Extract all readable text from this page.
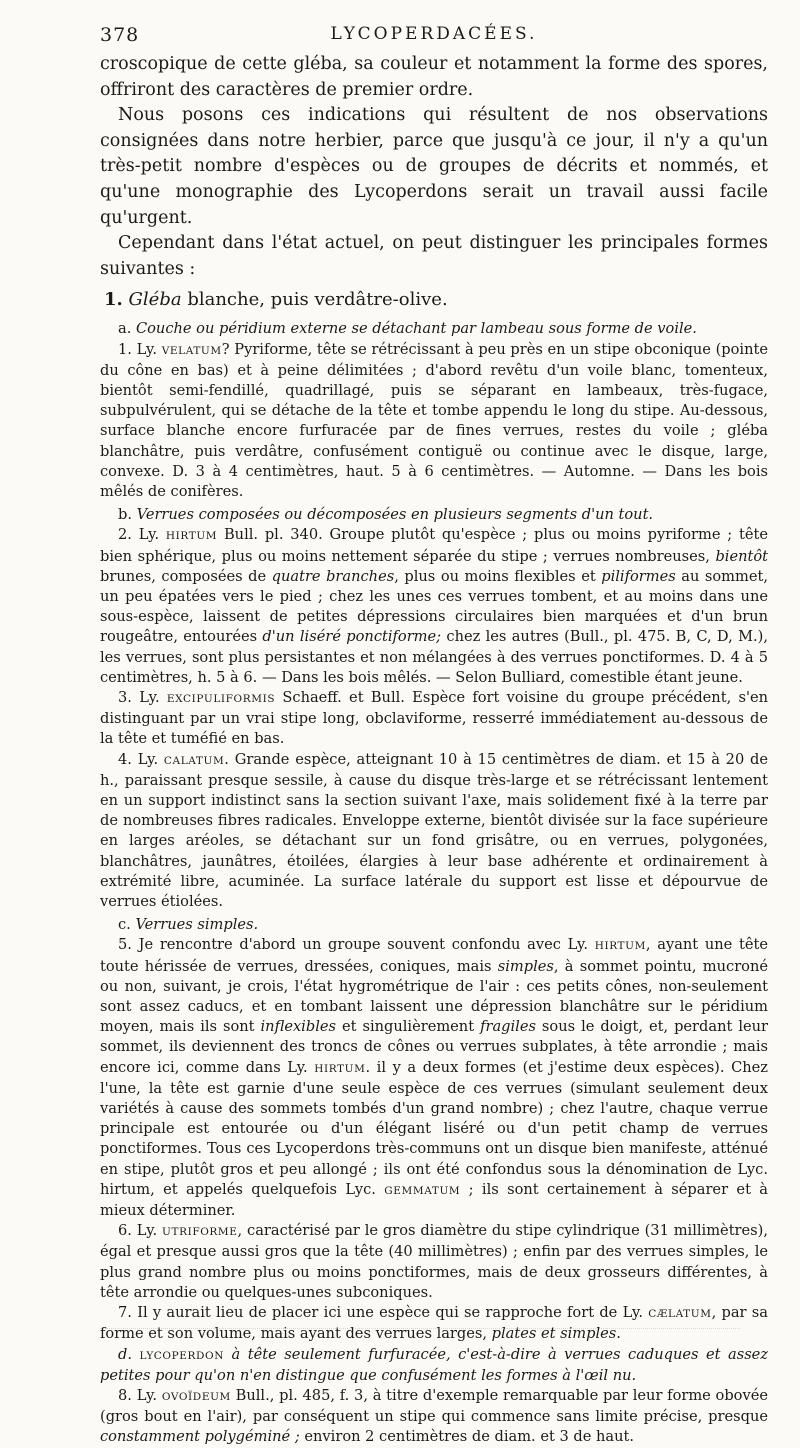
378	LYCOPERDACÉES.

croscopique de cette gléba, sa couleur et notamment la forme des spores, offriront des caractères de premier ordre.

Nous posons ces indications qui résultent de nos observations consignées dans notre herbier, parce que jusqu'à ce jour, il n'y a qu'un très-petit nombre d'espèces ou de groupes de décrits et nommés, et qu'une monographie des Lycoperdons serait un travail aussi facile qu'urgent.

Cependant dans l'état actuel, on peut distinguer les principales formes suivantes :

1. Gléba blanche, puis verdâtre-olive.

a. Couche ou péridium externe se détachant par lambeau sous forme de voile.

1. Ly. VELATUM? Pyriforme, tête se rétrécissant à peu près en un stipe obconique (pointe du cône en bas) et à peine délimitées ; d'abord revêtu d'un voile blanc, tomenteux, bientôt semi-fendillé, quadrillagé, puis se séparant en lambeaux, très-fugace, subpulvérulent, qui se détache de la tête et tombe appendu le long du stipe. Au-dessous, surface blanche encore furfuracée par de fines verrues, restes du voile ; gléba blanchâtre, puis verdâtre, confusément contiguë ou continue avec le disque, large, convexe. D. 3 à 4 centimètres, haut. 5 à 6 centimètres. — Automne. — Dans les bois mêlés de conifères.

b. Verrues composées ou décomposées en plusieurs segments d'un tout.

2. Ly. HIRTUM Bull. pl. 340. Groupe plutôt qu'espèce ; plus ou moins pyriforme ; tête bien sphérique, plus ou moins nettement séparée du stipe ; verrues nombreuses, bientôt brunes, composées de quatre branches, plus ou moins flexibles et piliformes au sommet, un peu épatées vers le pied ; chez les unes ces verrues tombent, et au moins dans une sous-espèce, laissent de petites dépressions circulaires bien marquées et d'un brun rougeâtre, entourées d'un liséré ponctiforme; chez les autres (Bull., pl. 475. B, C, D, M.), les verrues, sont plus persistantes et non mélangées à des verrues ponctiformes. D. 4 à 5 centimètres, h. 5 à 6. — Dans les bois mêlés. — Selon Bulliard, comestible étant jeune.

3. Ly. EXCIPULIFORMIS Schaeff. et Bull. Espèce fort voisine du groupe précédent, s'en distinguant par un vrai stipe long, obclaviforme, resserré immédiatement au-dessous de la tête et tuméfié en bas.

4. Ly. CALATUM. Grande espèce, atteignant 10 à 15 centimètres de diam. et 15 à 20 de h., paraissant presque sessile, à cause du disque très-large et se rétrécissant lentement en un support indistinct sans la section suivant l'axe, mais solidement fixé à la terre par de nombreuses fibres radicales. Enveloppe externe, bientôt divisée sur la face supérieure en larges aréoles, se détachant sur un fond grisâtre, ou en verrues, polygonées, blanchâtres, jaunâtres, étoilées, élargies à leur base adhérente et ordinairement à extrémité libre, acuminée. La surface latérale du support est lisse et dépourvue de verrues étiolées.

c. Verrues simples.

5. Je rencontre d'abord un groupe souvent confondu avec Ly. HIRTUM, ayant une tête toute hérissée de verrues, dressées, coniques, mais simples, à sommet pointu, mucroné ou non, suivant, je crois, l'état hygrométrique de l'air : ces petits cônes, non-seulement sont assez caducs, et en tombant laissent une dépression blanchâtre sur le péridium moyen, mais ils sont inflexibles et singulièrement fragiles sous le doigt, et, perdant leur sommet, ils deviennent des troncs de cônes ou verrues subplates, à tête arrondie ; mais encore ici, comme dans Ly. HIRTUM. il y a deux formes (et j'estime deux espèces). Chez l'une, la tête est garnie d'une seule espèce de ces verrues (simulant seulement deux variétés à cause des sommets tombés d'un grand nombre) ; chez l'autre, chaque verrue principale est entourée ou d'un élégant liséré ou d'un petit champ de verrues ponctiformes. Tous ces Lycoperdons très-communs ont un disque bien manifeste, atténué en stipe, plutôt gros et peu allongé ; ils ont été confondus sous la dénomination de Lyc. hirtum, et appelés quelquefois Lyc. GEMMATUM ; ils sont certainement à séparer et à mieux déterminer.

6. Ly. UTRIFORME, caractérisé par le gros diamètre du stipe cylindrique (31 millimètres), égal et presque aussi gros que la tête (40 millimètres) ; enfin par des verrues simples, le plus grand nombre plus ou moins ponctiformes, mais de deux grosseurs différentes, à tête arrondie ou quelques-unes subconiques.

7. Il y aurait lieu de placer ici une espèce qui se rapproche fort de Ly. CÆLATUM, par sa forme et son volume, mais ayant des verrues larges, plates et simples.

d. LYCOPERDON à tête seulement furfuracée, c'est-à-dire à verrues caduques et assez petites pour qu'on n'en distingue que confusément les formes à l'œil nu.

8. Ly. OVOÏDEUM Bull., pl. 485, f. 3, à titre d'exemple remarquable par leur forme obovée (gros bout en l'air), par conséquent un stipe qui commence sans limite précise, presque constamment polygéminé ; environ 2 centimètres de diam. et 3 de haut.
